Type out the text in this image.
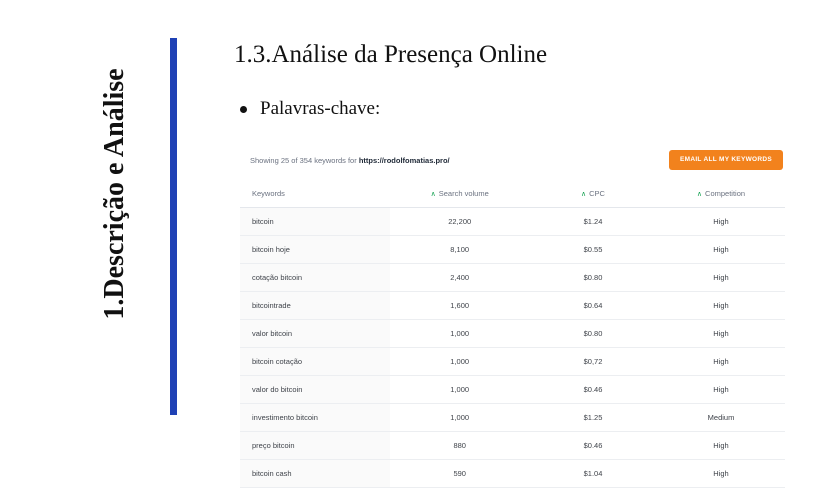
1.Descrição e Análise
1.3.Análise da Presença Online
Palavras-chave:
Showing 25 of 354 keywords for https://rodolfomatias.pro/	EMAIL ALL MY KEYWORDS
Keywords	∧ Search volume	∧ CPC	∧ Competition
bitcoin	22,200	$1.24	High
bitcoin hoje	8,100	$0.55	High
cotação bitcoin	2,400	$0.80	High
bitcointrade	1,600	$0.64	High
valor bitcoin	1,000	$0.80	High
bitcoin cotação	1,000	$0,72	High
valor do bitcoin	1,000	$0.46	High
investimento bitcoin	1,000	$1.25	Medium
preço bitcoin	880	$0.46	High
bitcoin cash	590	$1.04	High
